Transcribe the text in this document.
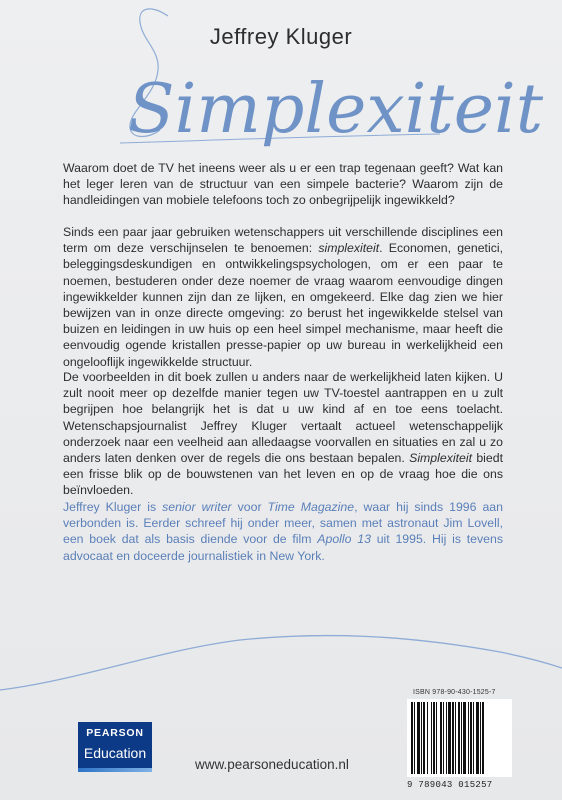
Jeffrey Kluger
Simplexiteit

Waarom doet de TV het ineens weer als u er een trap tegenaan geeft? Wat kan het leger leren van de structuur van een simpele bacterie? Waarom zijn de handleidingen van mobiele telefoons toch zo onbegrijpelijk ingewikkeld?

Sinds een paar jaar gebruiken wetenschappers uit verschillende disciplines een term om deze verschijnselen te benoemen: simplexiteit. Economen, genetici, beleggingsdeskundigen en ontwikkelingspsychologen, om er een paar te noemen, bestuderen onder deze noemer de vraag waarom eenvoudige dingen ingewikkelder kunnen zijn dan ze lijken, en omgekeerd. Elke dag zien we hier bewijzen van in onze directe omgeving: zo berust het ingewikkelde stelsel van buizen en leidingen in uw huis op een heel simpel mechanisme, maar heeft die eenvoudig ogende kristallen presse-papier op uw bureau in werkelijkheid een ongelooflijk ingewikkelde structuur.

De voorbeelden in dit boek zullen u anders naar de werkelijkheid laten kijken. U zult nooit meer op dezelfde manier tegen uw TV-toestel aantrappen en u zult begrijpen hoe belangrijk het is dat u uw kind af en toe eens toelacht. Wetenschapsjournalist Jeffrey Kluger vertaalt actueel wetenschappelijk onderzoek naar een veelheid aan alledaagse voorvallen en situaties en zal u zo anders laten denken over de regels die ons bestaan bepalen. Simplexiteit biedt een frisse blik op de bouwstenen van het leven en op de vraag hoe die ons beïnvloeden.

Jeffrey Kluger is senior writer voor Time Magazine, waar hij sinds 1996 aan verbonden is. Eerder schreef hij onder meer, samen met astronaut Jim Lovell, een boek dat als basis diende voor de film Apollo 13 uit 1995. Hij is tevens advocaat en doceerde journalistiek in New York.

ISBN 978-90-430-1525-7
9 789043 015257
PEARSON
Education
www.pearsoneducation.nl
